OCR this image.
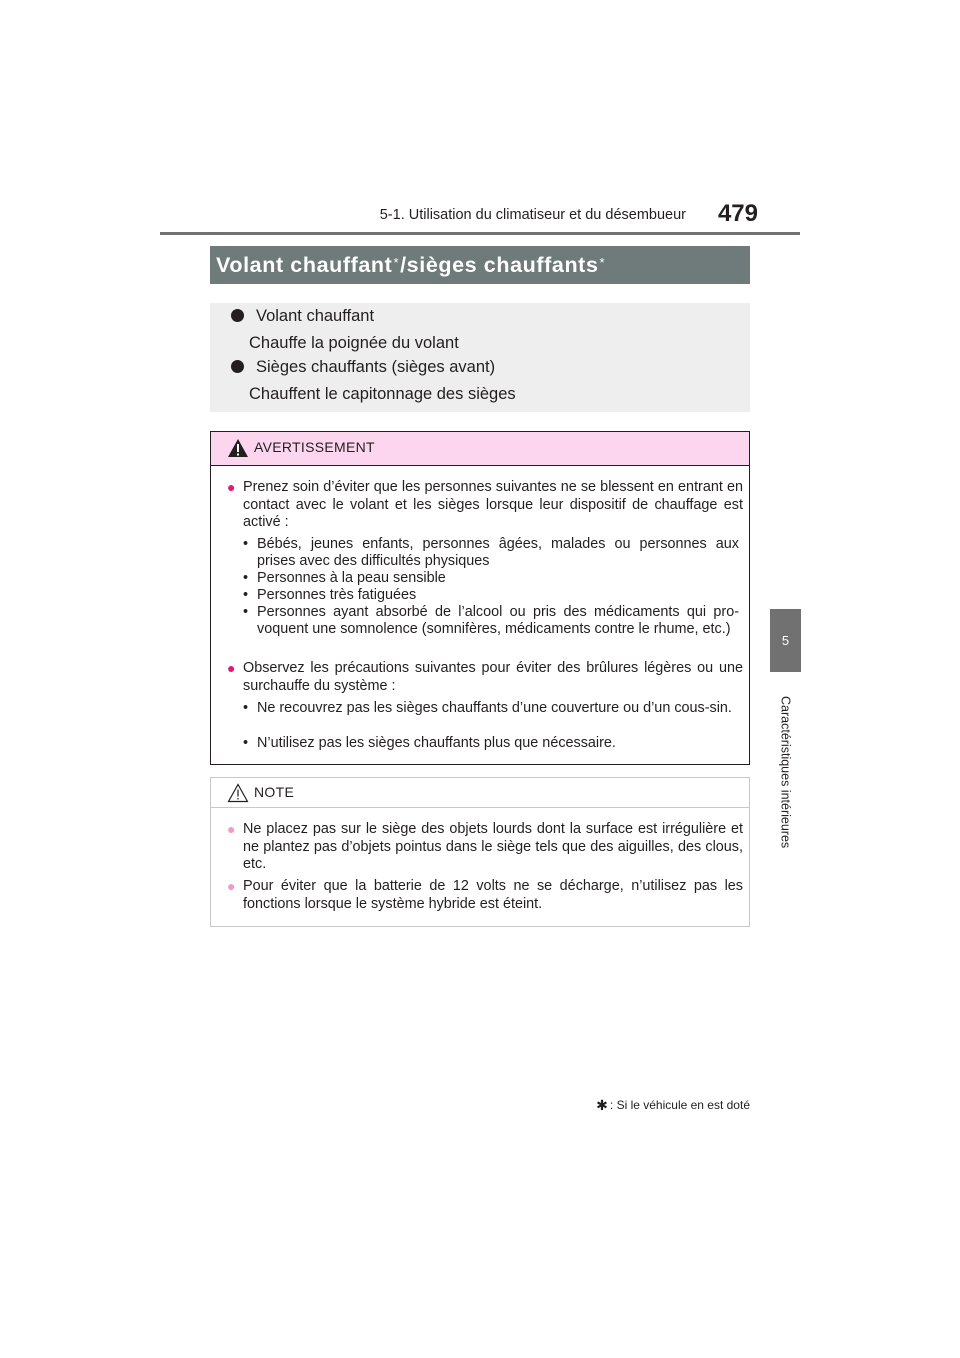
5-1. Utilisation du climatiseur et du désembueur	479
5
Caractéristiques intérieures
Volant chauffant* /sièges chauffants*
Volant chauffant
Chauffe la poignée du volant
Sièges chauffants (sièges avant)
Chauffent le capitonnage des sièges
AVERTISSEMENT
● Prenez soin d’éviter que les personnes suivantes ne se blessent en entrant en contact avec le volant et les sièges lorsque leur dispositif de chauffage est activé :
• Bébés, jeunes enfants, personnes âgées, malades ou personnes aux prises avec des difficultés physiques
• Personnes à la peau sensible
• Personnes très fatiguées
• Personnes ayant absorbé de l’alcool ou pris des médicaments qui pro-voquent une somnolence (somnifères, médicaments contre le rhume, etc.)
● Observez les précautions suivantes pour éviter des brûlures légères ou une surchauffe du système :
• Ne recouvrez pas les sièges chauffants d’une couverture ou d’un cous-sin.
• N’utilisez pas les sièges chauffants plus que nécessaire.
NOTE
● Ne placez pas sur le siège des objets lourds dont la surface est irrégulière et ne plantez pas d’objets pointus dans le siège tels que des aiguilles, des clous, etc.
● Pour éviter que la batterie de 12 volts ne se décharge, n’utilisez pas les fonctions lorsque le système hybride est éteint.
✱ : Si le véhicule en est doté
